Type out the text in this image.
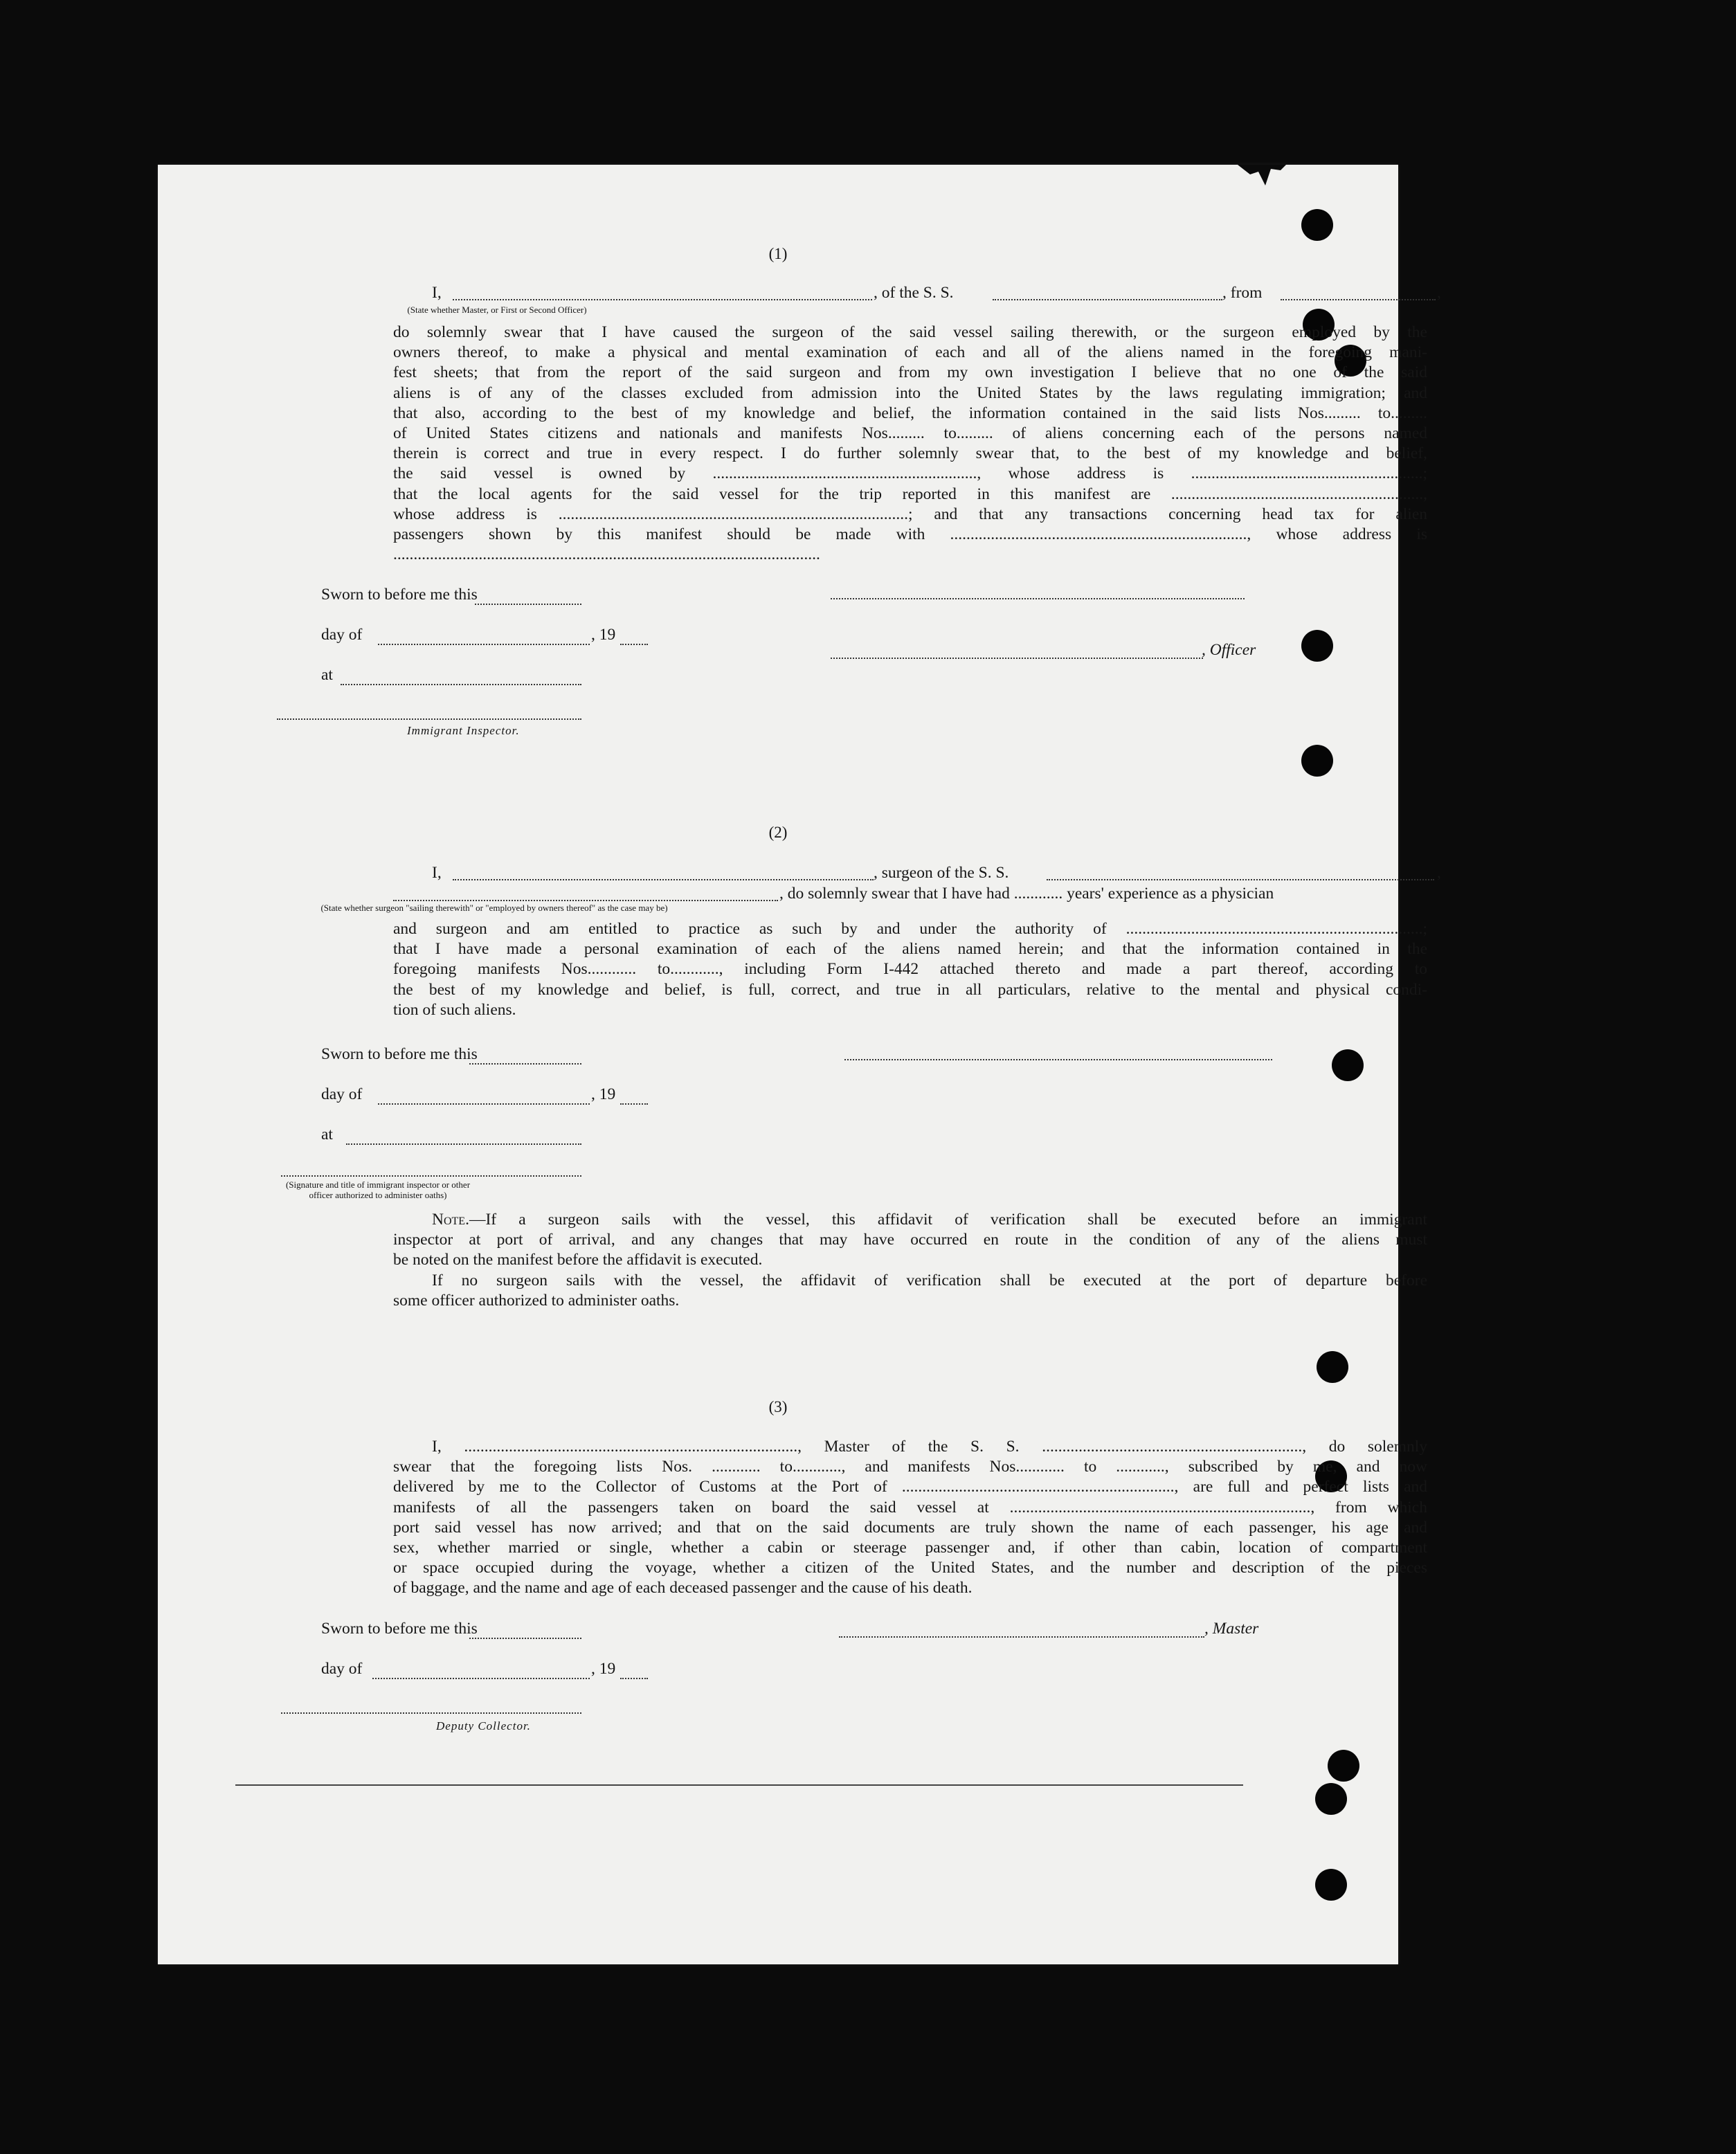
(1)
I,	, of the S. S.	, from	,
(State whether Master, or First or Second Officer)
do solemnly swear that I have caused the surgeon of the said vessel sailing therewith, or the surgeon employed by the
owners thereof, to make a physical and mental examination of each and all of the aliens named in the foregoing mani-
fest sheets; that from the report of the said surgeon and from my own investigation I believe that no one of the said
aliens is of any of the classes excluded from admission into the United States by the laws regulating immigration; and
that also, according to the best of my knowledge and belief, the information contained in the said lists Nos......... to.........
of United States citizens and nationals and manifests Nos......... to......... of aliens concerning each of the persons named
therein is correct and true in every respect. I do further solemnly swear that, to the best of my knowledge and belief,
the said vessel is owned by ................................................................., whose address is .........................................................;
that the local agents for the said vessel for the trip reported in this manifest are ..............................................................,
whose address is ......................................................................................; and that any transactions concerning head tax for alien
passengers shown by this manifest should be made with ........................................................................., whose address is
.........................................................................................................
Sworn to before me this
day of	, 19
, Officer
at
Immigrant Inspector.
(2)
I,	, surgeon of the S. S.	,
, do solemnly swear that I have had ............ years' experience as a physician
(State whether surgeon "sailing therewith" or "employed by owners thereof" as the case may be)
and surgeon and am entitled to practice as such by and under the authority of .........................................................................;
that I have made a personal examination of each of the aliens named herein; and that the information contained in the
foregoing manifests Nos............ to............, including Form I-442 attached thereto and made a part thereof, according to
the best of my knowledge and belief, is full, correct, and true in all particulars, relative to the mental and physical condi-
tion of such aliens.
Sworn to before me this
day of	, 19
at
(Signature and title of immigrant inspector or other officer authorized to administer oaths)
Note.—If a surgeon sails with the vessel, this affidavit of verification shall be executed before an immigrant
inspector at port of arrival, and any changes that may have occurred en route in the condition of any of the aliens must
be noted on the manifest before the affidavit is executed.
If no surgeon sails with the vessel, the affidavit of verification shall be executed at the port of departure before
some officer authorized to administer oaths.
(3)
I, .................................................................................., Master of the S. S. ................................................................, do solemnly
swear that the foregoing lists Nos. ............ to............, and manifests Nos............ to ............, subscribed by me, and now
delivered by me to the Collector of Customs at the Port of ..................................................................., are full and perfect lists and
manifests of all the passengers taken on board the said vessel at .........................................................................., from which
port said vessel has now arrived; and that on the said documents are truly shown the name of each passenger, his age and
sex, whether married or single, whether a cabin or steerage passenger and, if other than cabin, location of compartment
or space occupied during the voyage, whether a citizen of the United States, and the number and description of the pieces
of baggage, and the name and age of each deceased passenger and the cause of his death.
Sworn to before me this	, Master
day of	, 19
Deputy Collector.
